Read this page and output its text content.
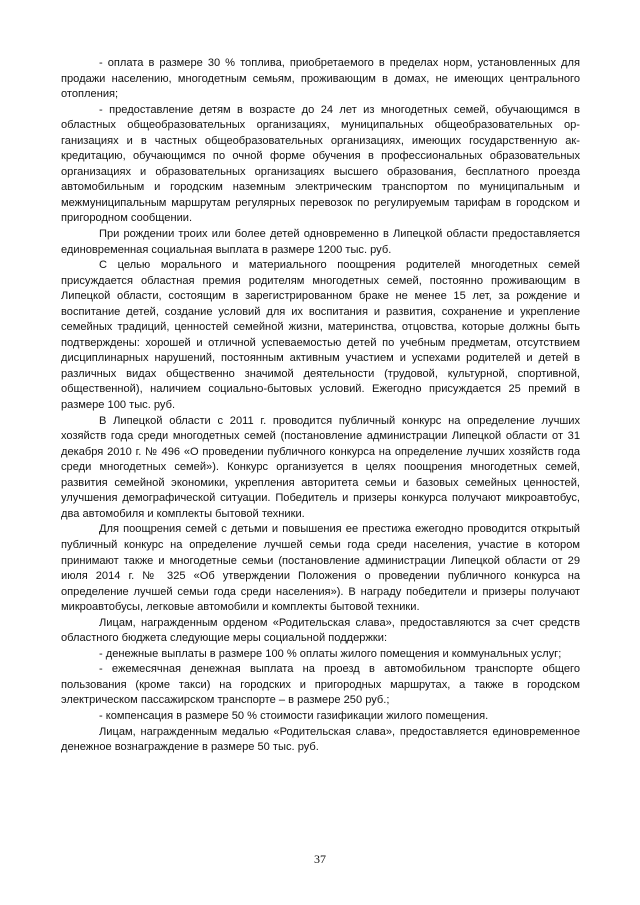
- оплата в размере 30 % топлива, приобретаемого в пределах норм, установленных для продажи населению, многодетным семьям, проживающим в домах, не имеющих центрального отопления;

- предоставление детям в возрасте до 24 лет из многодетных семей, обучающимся в областных общеобразовательных организациях, муниципальных общеобразовательных организациях и в частных общеобразовательных организациях, имеющих государственную аккредитацию, обучающимся по очной форме обучения в профессиональных образовательных организациях и образовательных организациях высшего образования, бесплатного проезда автомобильным и городским наземным электрическим транспортом по муниципальным и межмуниципальным маршрутам регулярных перевозок по регулируемым тарифам в городском и пригородном сообщении.

При рождении троих или более детей одновременно в Липецкой области предоставляется единовременная социальная выплата в размере 1200 тыс. руб.

С целью морального и материального поощрения родителей многодетных семей присуждается областная премия родителям многодетных семей, постоянно проживающим в Липецкой области, состоящим в зарегистрированном браке не менее 15 лет, за рождение и воспитание детей, создание условий для их воспитания и развития, сохранение и укрепление семейных традиций, ценностей семейной жизни, материнства, отцовства, которые должны быть подтверждены: хорошей и отличной успеваемостью детей по учебным предметам, отсутствием дисциплинарных нарушений, постоянным активным участием и успехами родителей и детей в различных видах общественно значимой деятельности (трудовой, культурной, спортивной, общественной), наличием социально-бытовых условий. Ежегодно присуждается 25 премий в размере 100 тыс. руб.

В Липецкой области с 2011 г. проводится публичный конкурс на определение лучших хозяйств года среди многодетных семей (постановление администрации Липецкой области от 31 декабря 2010 г. № 496 «О проведении публичного конкурса на определение лучших хозяйств года среди многодетных семей»). Конкурс организуется в целях поощрения многодетных семей, развития семейной экономики, укрепления авторитета семьи и базовых семейных ценностей, улучшения демографической ситуации. Победитель и призеры конкурса получают микроавтобус, два автомобиля и комплекты бытовой техники.

Для поощрения семей с детьми и повышения ее престижа ежегодно проводится открытый публичный конкурс на определение лучшей семьи года среди населения, участие в котором принимают также и многодетные семьи (постановление администрации Липецкой области от 29 июля 2014 г. № 325 «Об утверждении Положения о проведении публичного конкурса на определение лучшей семьи года среди населения»). В награду победители и призеры получают микроавтобусы, легковые автомобили и комплекты бытовой техники.

Лицам, награжденным орденом «Родительская слава», предоставляются за счет средств областного бюджета следующие меры социальной поддержки:

- денежные выплаты в размере 100 % оплаты жилого помещения и коммунальных услуг;

- ежемесячная денежная выплата на проезд в автомобильном транспорте общего пользования (кроме такси) на городских и пригородных маршрутах, а также в городском электрическом пассажирском транспорте – в размере 250 руб.;

- компенсация в размере 50 % стоимости газификации жилого помещения.

Лицам, награжденным медалью «Родительская слава», предоставляется единовременное денежное вознаграждение в размере 50 тыс. руб.

37
